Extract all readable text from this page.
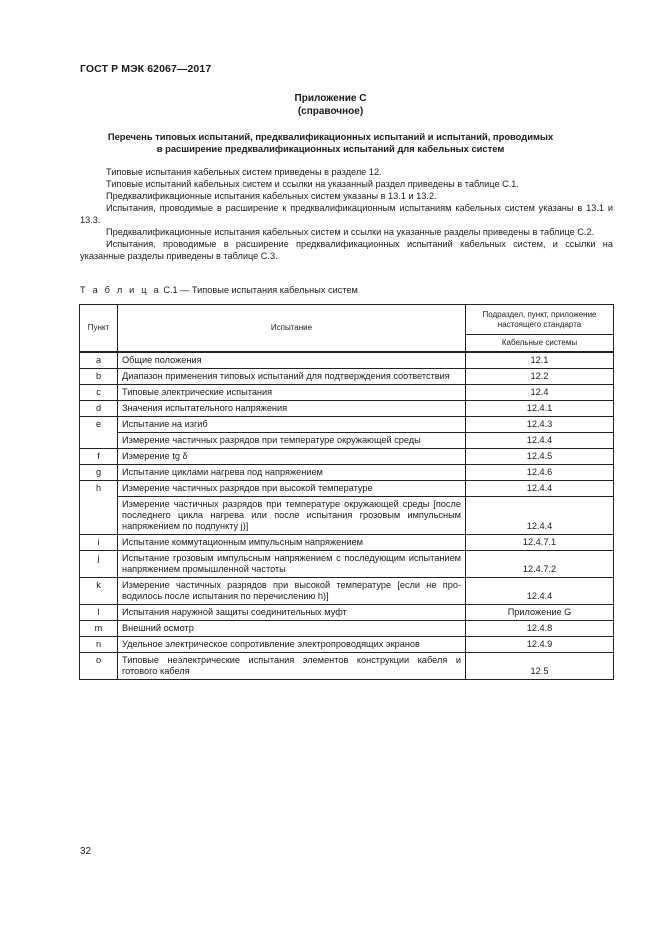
ГОСТ Р МЭК 62067—2017
Приложение С
(справочное)
Перечень типовых испытаний, предквалификационных испытаний и испытаний, проводимых
в расширение предквалификационных испытаний для кабельных систем

Типовые испытания кабельных систем приведены в разделе 12.

Типовые испытаний кабельных систем и ссылки на указанный раздел приведены в таблице С.1.

Предквалификационные испытания кабельных систем указаны в 13.1 и 13.2.

Испытания, проводимые в расширение к предквалификационным испытаниям кабельных систем указаны в 13.1 и 13.3.

Предквалификационные испытания кабельных систем и ссылки на указанные разделы приведены в таблице С.2.

Испытания, проводимые в расширение предквалификационных испытаний кабельных систем, и ссылки на указанные разделы приведены в таблице С.3.

Т а б л и ц а С.1 — Типовые испытания кабельных систем
Пункт	Испытание	Подраздел, пункт, приложение настоящего стандарта
		Кабельные системы
a	Общие положения	12.1
b	Диапазон применения типовых испытаний для подтверждения соответствия	12.2
c	Типовые электрические испытания	12.4
d	Значения испытательного напряжения	12.4.1
e	Испытание на изгиб	12.4.3
	Измерение частичных разрядов при температуре окружающей среды	12.4.4
f	Измерение tg δ	12.4.5
g	Испытание циклами нагрева под напряжением	12.4.6
h	Измерение частичных разрядов при высокой температуре	12.4.4
	Измерение частичных разрядов при температуре окружающей среды [после последнего цикла нагрева или после испытания грозовым импульсным напряжением по подпункту j)]	12.4.4
i	Испытание коммутационным импульсным напряжением	12.4.7.1
j	Испытание грозовым импульсным напряжением с последующим испытанием напряжением промышленной частоты	12.4.7.2
k	Измерение частичных разрядов при высокой температуре [если не проводилось после испытания по перечислению h)]	12.4.4
l	Испытания наружной защиты соединительных муфт	Приложение G
m	Внешний осмотр	12.4.8
n	Удельное электрическое сопротивление электропроводящих экранов	12.4.9
o	Типовые неэлектрические испытания элементов конструкции кабеля и готового кабеля	12.5
32
